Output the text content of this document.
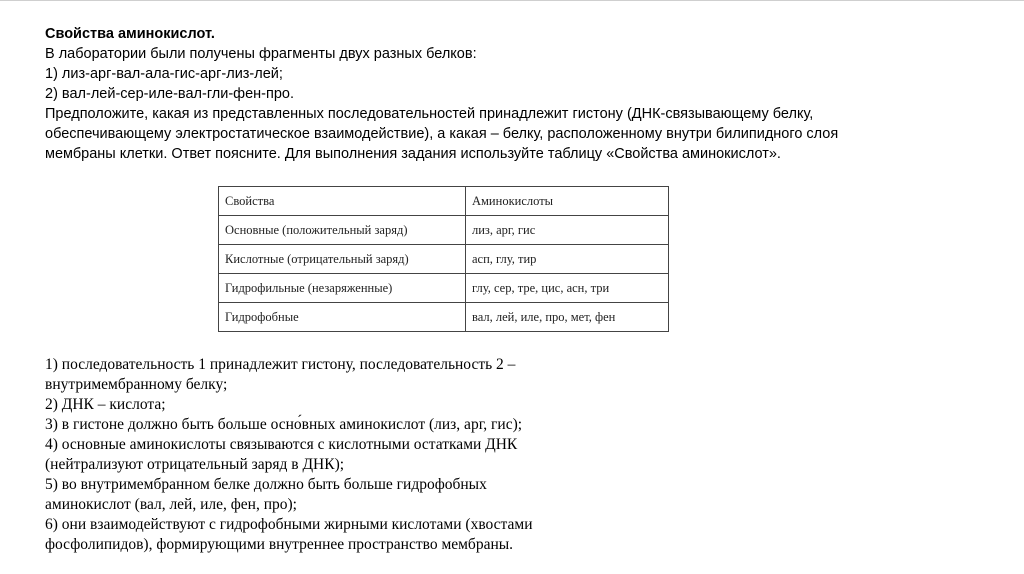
Свойства аминокислот.
В лаборатории были получены фрагменты двух разных белков:
1) лиз-арг-вал-ала-гис-арг-лиз-лей;
2) вал-лей-сер-иле-вал-гли-фен-про.
Предположите, какая из представленных последовательностей принадлежит гистону (ДНК-связывающему белку,
обеспечивающему электростатическое взаимодействие), а какая – белку, расположенному внутри билипидного слоя
мембраны клетки. Ответ поясните. Для выполнения задания используйте таблицу «Свойства аминокислот».
Свойства	Аминокислоты
Основные (положительный заряд)	лиз, арг, гис
Кислотные (отрицательный заряд)	асп, глу, тир
Гидрофильные (незаряженные)	глу, сер, тре, цис, асн, три
Гидрофобные	вал, лей, иле, про, мет, фен
1) последовательность 1 принадлежит гистону, последовательность 2 –
внутримембранному белку;
2) ДНК – кислота;
3) в гистоне должно быть больше осно́вных аминокислот (лиз, арг, гис);
4) основные аминокислоты связываются с кислотными остатками ДНК
(нейтрализуют отрицательный заряд в ДНК);
5) во внутримембранном белке должно быть больше гидрофобных
аминокислот (вал, лей, иле, фен, про);
6) они взаимодействуют с гидрофобными жирными кислотами (хвостами
фосфолипидов), формирующими внутреннее пространство мембраны.
